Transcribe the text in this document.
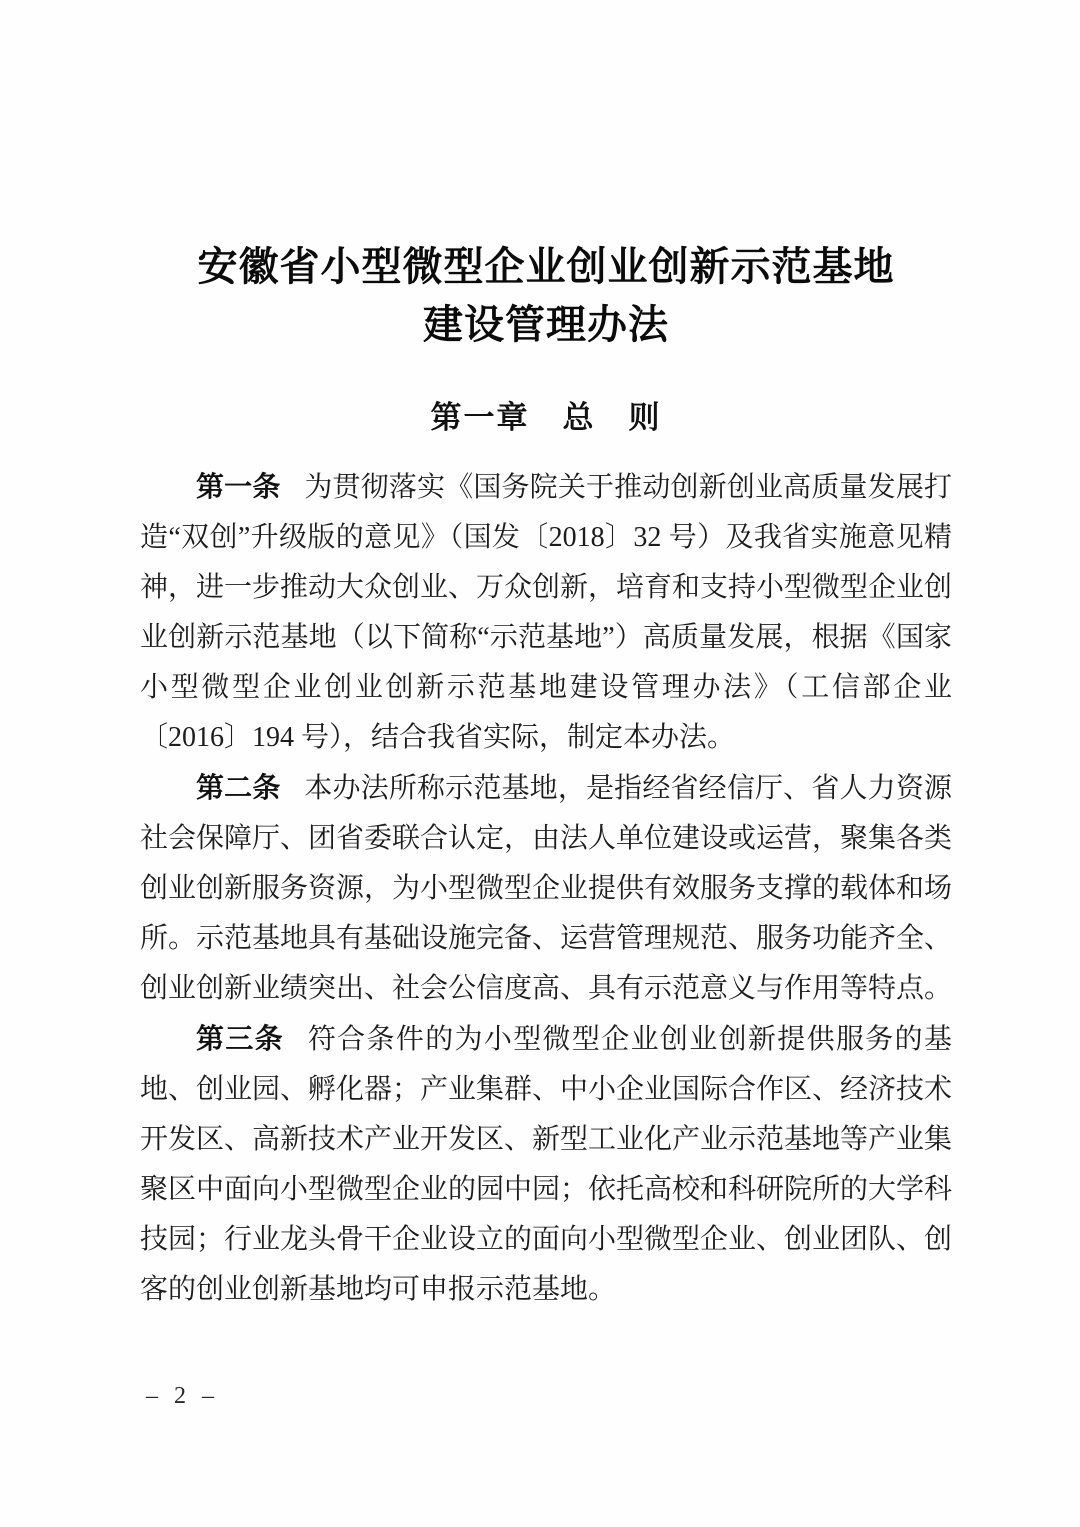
安徽省小型微型企业创业创新示范基地
建设管理办法
第一章　总　则

第一条 为贯彻落实《国务院关于推动创新创业高质量发展打造“双创”升级版的意见》（国发〔2018〕32 号）及我省实施意见精神，进一步推动大众创业、万众创新，培育和支持小型微型企业创业创新示范基地（以下简称“示范基地”）高质量发展，根据《国家小型微型企业创业创新示范基地建设管理办法》（工信部企业〔2016〕194 号），结合我省实际，制定本办法。

第二条 本办法所称示范基地，是指经省经信厅、省人力资源社会保障厅、团省委联合认定，由法人单位建设或运营，聚集各类创业创新服务资源，为小型微型企业提供有效服务支撑的载体和场所。示范基地具有基础设施完备、运营管理规范、服务功能齐全、创业创新业绩突出、社会公信度高、具有示范意义与作用等特点。

第三条 符合条件的为小型微型企业创业创新提供服务的基地、创业园、孵化器；产业集群、中小企业国际合作区、经济技术开发区、高新技术产业开发区、新型工业化产业示范基地等产业集聚区中面向小型微型企业的园中园；依托高校和科研院所的大学科技园；行业龙头骨干企业设立的面向小型微型企业、创业团队、创客的创业创新基地均可申报示范基地。

– 2 –
